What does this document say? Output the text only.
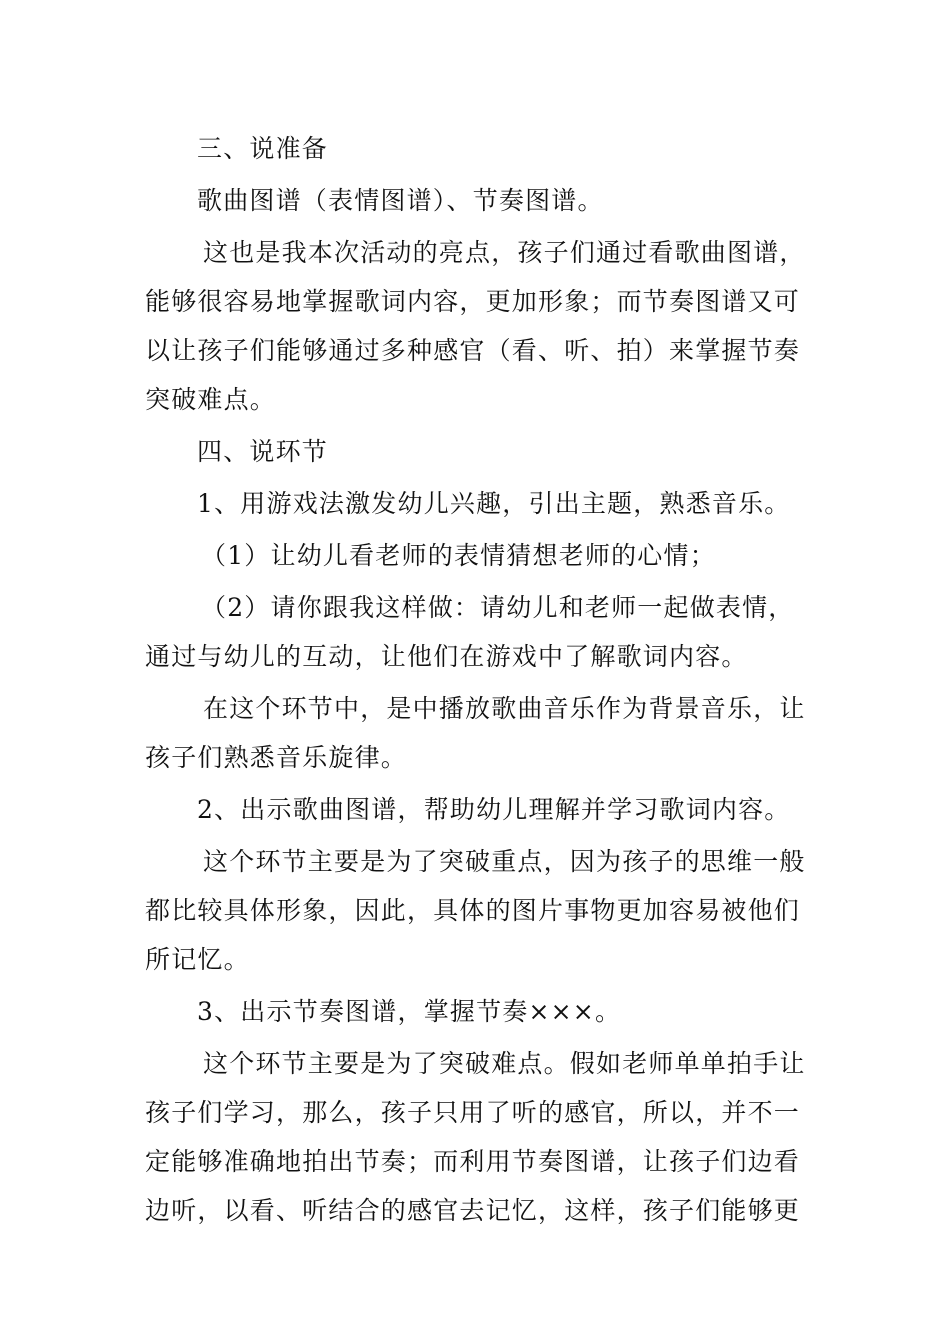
三、说准备

歌曲图谱（表情图谱）、节奏图谱。

这也是我本次活动的亮点，孩子们通过看歌曲图谱，能够很容易地掌握歌词内容，更加形象；而节奏图谱又可以让孩子们能够通过多种感官（看、听、拍）来掌握节奏突破难点。

四、说环节

1、用游戏法激发幼儿兴趣，引出主题，熟悉音乐。

（1）让幼儿看老师的表情猜想老师的心情；

（2）请你跟我这样做：请幼儿和老师一起做表情，通过与幼儿的互动，让他们在游戏中了解歌词内容。

在这个环节中，是中播放歌曲音乐作为背景音乐，让孩子们熟悉音乐旋律。

2、出示歌曲图谱，帮助幼儿理解并学习歌词内容。

这个环节主要是为了突破重点，因为孩子的思维一般都比较具体形象，因此，具体的图片事物更加容易被他们所记忆。

3、出示节奏图谱，掌握节奏×××。

这个环节主要是为了突破难点。假如老师单单拍手让孩子们学习，那么，孩子只用了听的感官，所以，并不一定能够准确地拍出节奏；而利用节奏图谱，让孩子们边看边听，以看、听结合的感官去记忆，这样，孩子们能够更
